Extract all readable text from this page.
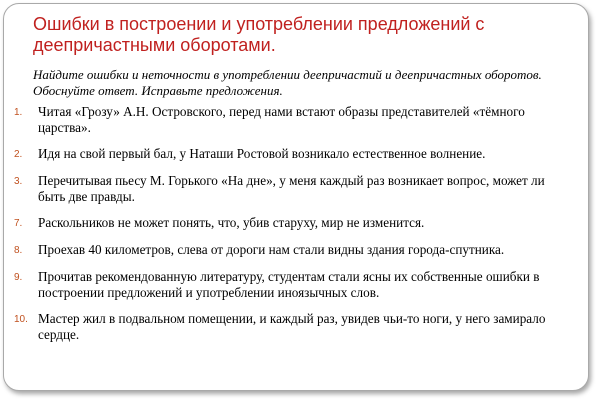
Ошибки в построении и употреблении предложений с деепричастными оборотами.

Найдите ошибки и неточности в употреблении деепричастий и деепричастных оборотов. Обоснуйте ответ. Исправьте предложения.

1.	Читая «Грозу» А.Н. Островского, перед нами встают образы представителей «тёмного царства».
2.	Идя на свой первый бал, у Наташи Ростовой возникало естественное волнение.
3.	Перечитывая пьесу М. Горького «На дне», у меня каждый раз возникает вопрос, может ли быть две правды.
7.	Раскольников не может понять, что, убив старуху, мир не изменится.
8.	Проехав 40 километров, слева от дороги нам стали видны здания города-спутника.
9.	Прочитав рекомендованную литературу, студентам стали ясны их собственные ошибки в построении предложений и употреблении иноязычных слов.
10. Мастер жил в подвальном помещении, и каждый раз, увидев чьи-то ноги, у него замирало сердце.
